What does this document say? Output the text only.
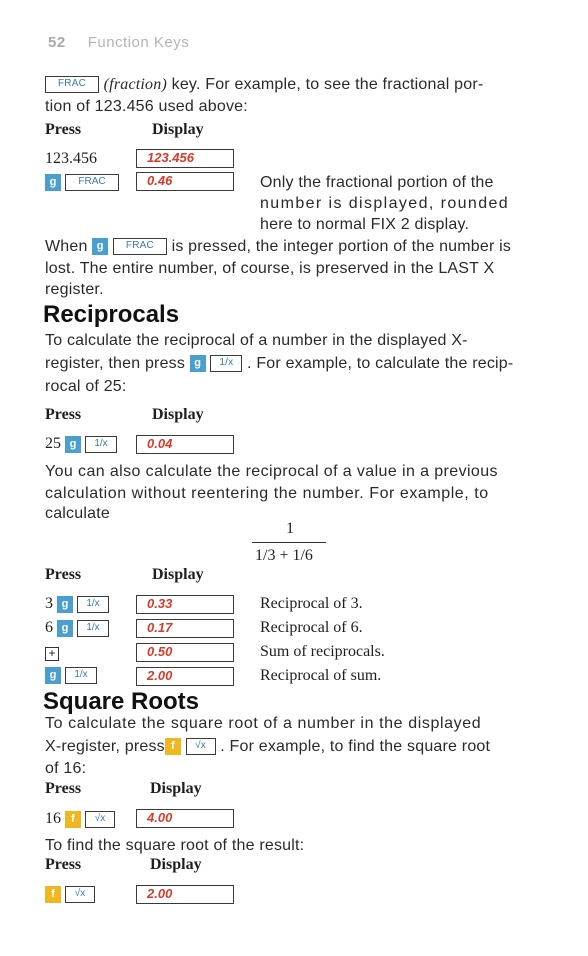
52 Function Keys
FRAC (fraction) key. For example, to see the fractional por-
tion of 123.456 used above:
Press	Display
123.456	123.456
g FRAC	0.46	Only the fractional portion of the
number is displayed, rounded
here to normal FIX 2 display.
When g FRAC is pressed, the integer portion of the number is
lost. The entire number, of course, is preserved in the LAST X
register.
Reciprocals
To calculate the reciprocal of a number in the displayed X-
register, then press g 1/x . For example, to calculate the recip-
rocal of 25:
Press	Display
25 g 1/x	0.04
You can also calculate the reciprocal of a value in a previous
calculation without reentering the number. For example, to
calculate
1
1/3 + 1/6
Press	Display
3 g 1/x	0.33	Reciprocal of 3.
6 g 1/x	0.17	Reciprocal of 6.
+	0.50	Sum of reciprocals.
g 1/x	2.00	Reciprocal of sum.
Square Roots
To calculate the square root of a number in the displayed
X-register, press f √x . For example, to find the square root
of 16:
Press	Display
16 f √x	4.00
To find the square root of the result:
Press	Display
f √x	2.00
